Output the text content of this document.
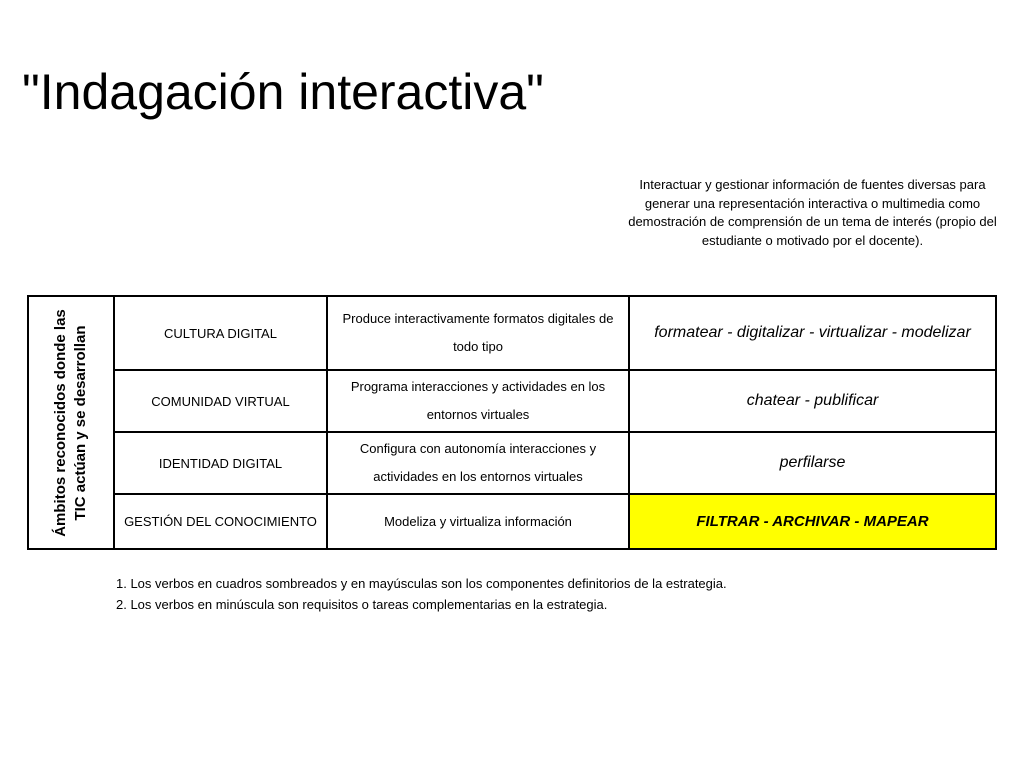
"Indagación interactiva"
Interactuar y gestionar información de fuentes diversas para generar una representación interactiva o multimedia como demostración de comprensión de un tema de interés (propio del estudiante o motivado por el docente).
Ámbitos reconocidos donde las TIC actúan y se desarrollan	CULTURA DIGITAL	Produce interactivamente formatos digitales de todo tipo	formatear - digitalizar - virtualizar - modelizar
	COMUNIDAD VIRTUAL	Programa interacciones y actividades en los entornos virtuales	chatear - publificar
	IDENTIDAD DIGITAL	Configura con autonomía interacciones y actividades en los entornos virtuales	perfilarse
	GESTIÓN DEL CONOCIMIENTO	Modeliza y virtualiza información	FILTRAR - ARCHIVAR - MAPEAR
1. Los verbos en cuadros sombreados y en mayúsculas son los componentes definitorios de la estrategia.
2. Los verbos en minúscula son requisitos o tareas complementarias en la estrategia.
